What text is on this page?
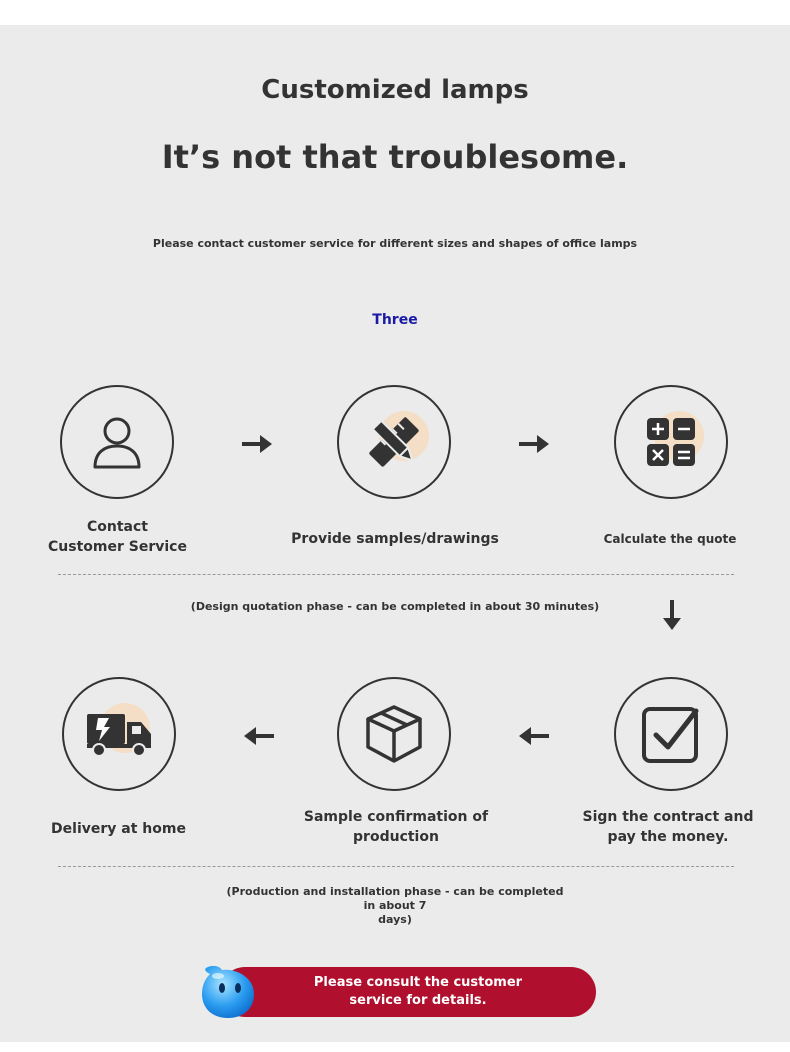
Customized lamps
It’s not that troublesome.
Please contact customer service for different sizes and shapes of office lamps
Three
Contact
Customer Service	Provide samples/drawings	Calculate the quote
(Design quotation phase - can be completed in about 30 minutes)
Delivery at home
Sample confirmation of
production
Sign the contract and
pay the money.
(Production and installation phase - can be completed in about 7
days)
Please consult the customer
service for details.
